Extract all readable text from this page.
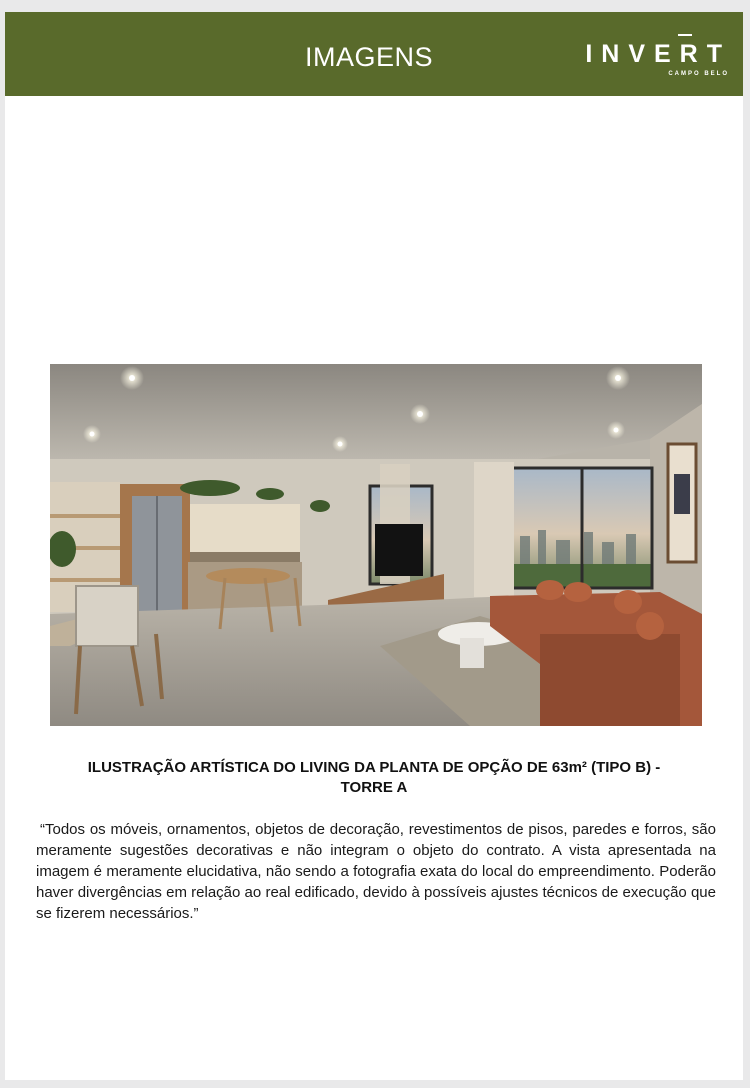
IMAGENS	INVERT
CAMPO BELO
ILUSTRAÇÃO ARTÍSTICA DO LIVING DA PLANTA DE OPÇÃO DE 63m² (TIPO B) -
TORRE A
“Todos os móveis, ornamentos, objetos de decoração, revestimentos de pisos, paredes e forros, são meramente sugestões decorativas e não integram o objeto do contrato. A vista apresentada na imagem é meramente elucidativa, não sendo a fotografia exata do local do empreendimento. Poderão haver divergências em relação ao real edificado, devido à possíveis ajustes técnicos de execução que se fizerem necessários.”
